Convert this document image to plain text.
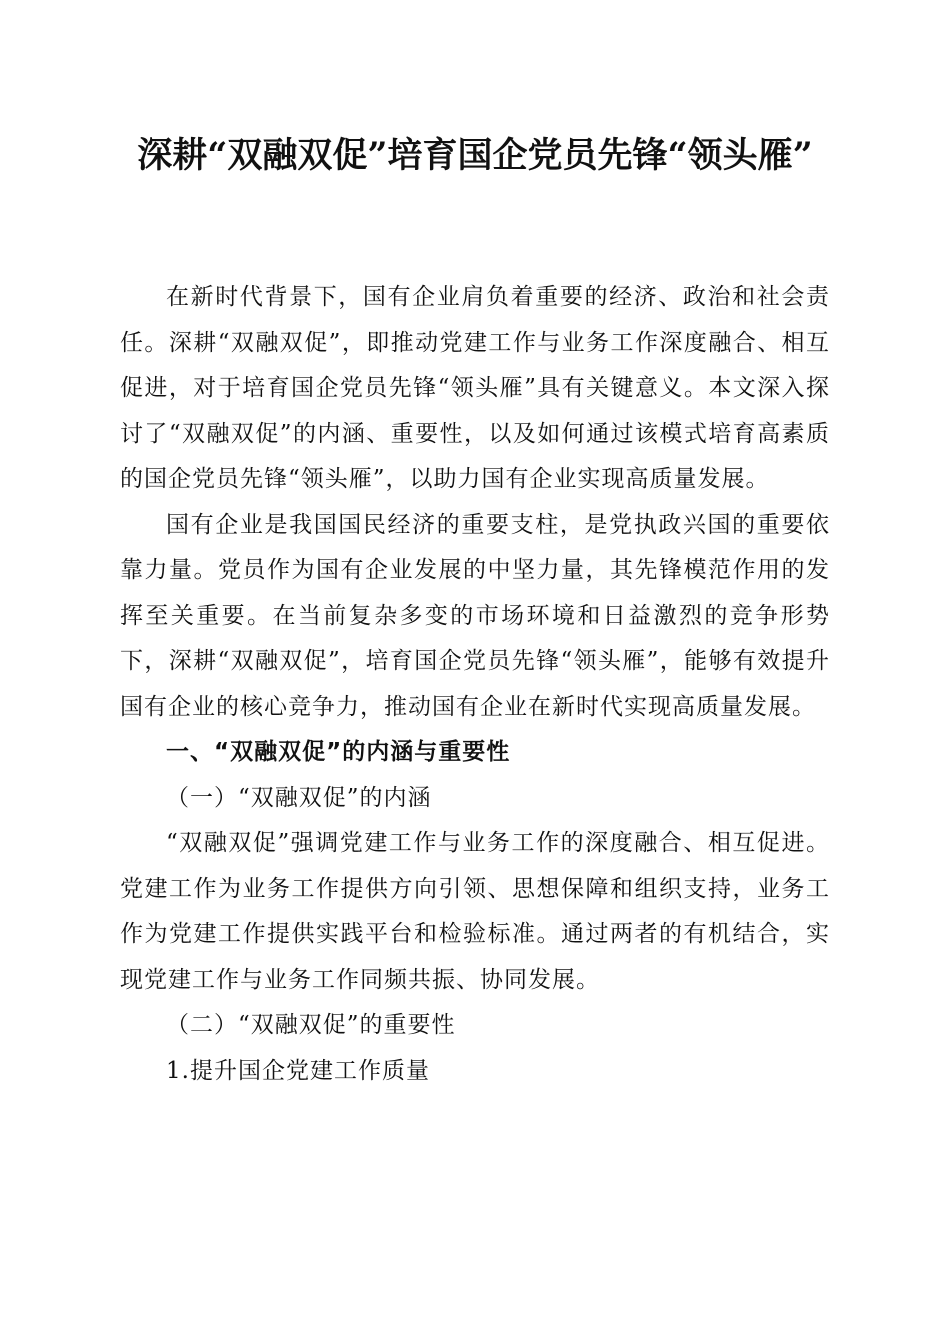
深耕“双融双促”培育国企党员先锋“领头雁”

在新时代背景下，国有企业肩负着重要的经济、政治和社会责任。深耕“双融双促”，即推动党建工作与业务工作深度融合、相互促进，对于培育国企党员先锋“领头雁”具有关键意义。本文深入探讨了“双融双促”的内涵、重要性，以及如何通过该模式培育高素质的国企党员先锋“领头雁”，以助力国有企业实现高质量发展。

国有企业是我国国民经济的重要支柱，是党执政兴国的重要依靠力量。党员作为国有企业发展的中坚力量，其先锋模范作用的发挥至关重要。在当前复杂多变的市场环境和日益激烈的竞争形势下，深耕“双融双促”，培育国企党员先锋“领头雁”，能够有效提升国有企业的核心竞争力，推动国有企业在新时代实现高质量发展。

一、“双融双促”的内涵与重要性

（一）“双融双促”的内涵

“双融双促”强调党建工作与业务工作的深度融合、相互促进。党建工作为业务工作提供方向引领、思想保障和组织支持，业务工作为党建工作提供实践平台和检验标准。通过两者的有机结合，实现党建工作与业务工作同频共振、协同发展。

（二）“双融双促”的重要性

1.提升国企党建工作质量
